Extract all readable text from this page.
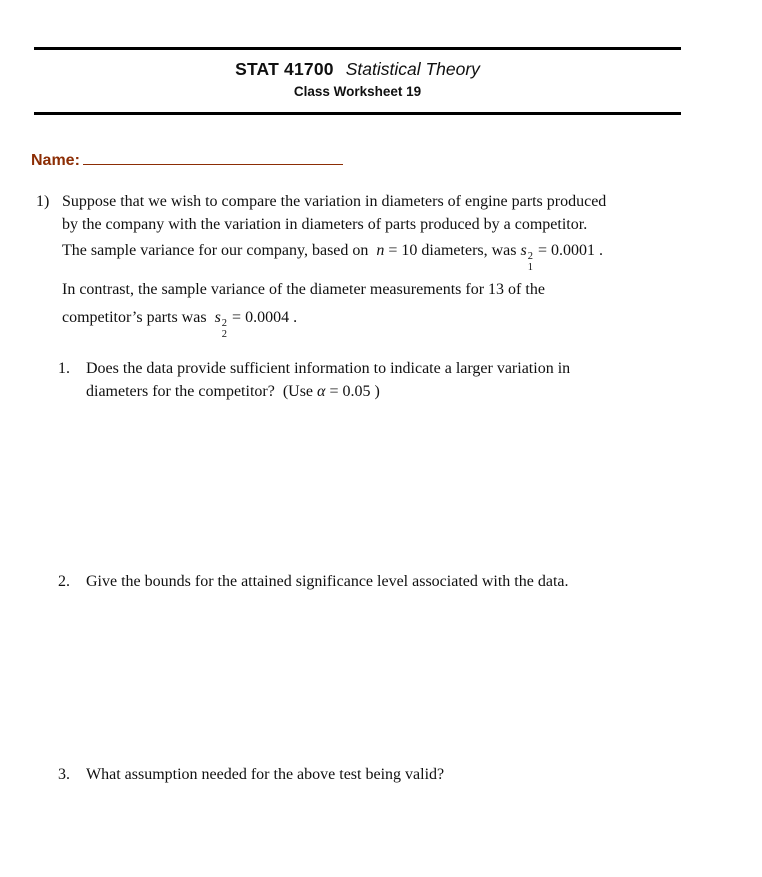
STAT 41700 Statistical Theory
Class Worksheet 19
Name:
1) Suppose that we wish to compare the variation in diameters of engine parts produced
by the company with the variation in diameters of parts produced by a competitor.
The sample variance for our company, based on  n = 10 diameters, was s 2
1
= 0.0001 .
In contrast, the sample variance of the diameter measurements for 13 of the
competitor’s parts was  s 2
2
= 0.0004 .
1.	Does the data provide sufficient information to indicate a larger variation in
diameters for the competitor?  (Use α = 0.05 )
2.	Give the bounds for the attained significance level associated with the data.
3.	What assumption needed for the above test being valid?
